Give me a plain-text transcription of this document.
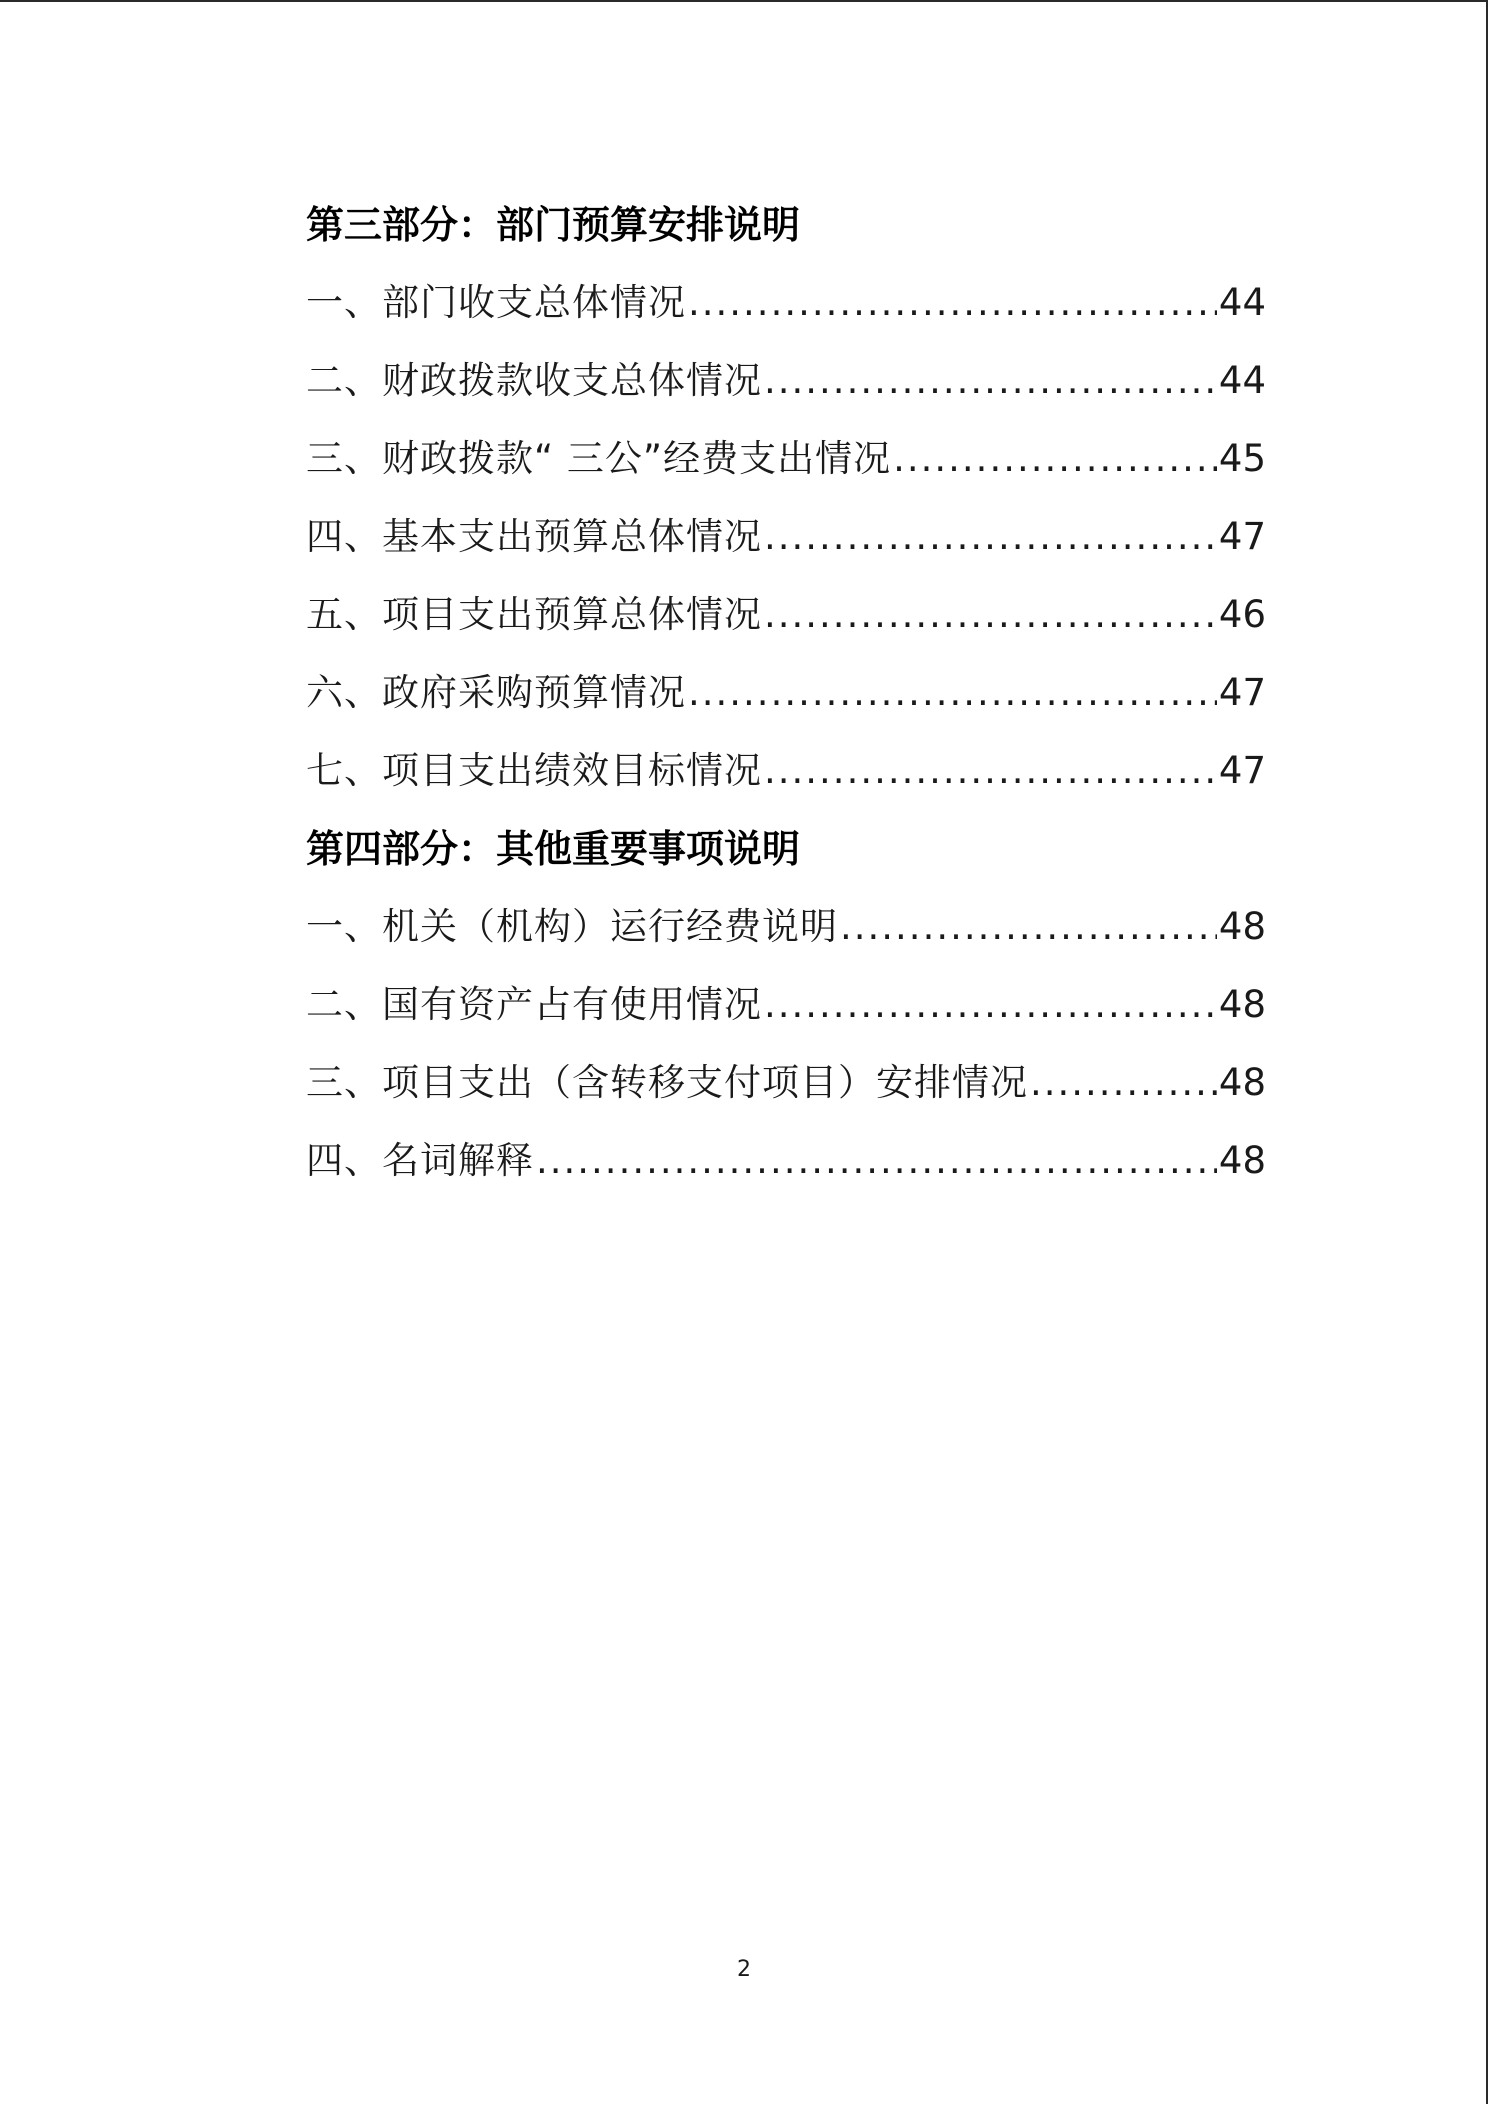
第三部分：部门预算安排说明
一、部门收支总体情况 .....	44
二、财政拨款收支总体情况 .....	44
三、财政拨款“ 三公”经费支出情况 .....	45
四、基本支出预算总体情况 .....	47
五、项目支出预算总体情况 .....	46
六、政府采购预算情况 .....	47
七、项目支出绩效目标情况 .....	47
第四部分：其他重要事项说明
一、机关（机构）运行经费说明 .....	48
二、国有资产占有使用情况 .....	48
三、项目支出（含转移支付项目）安排情况 .....	48
四、名词解释 .....	48
2
